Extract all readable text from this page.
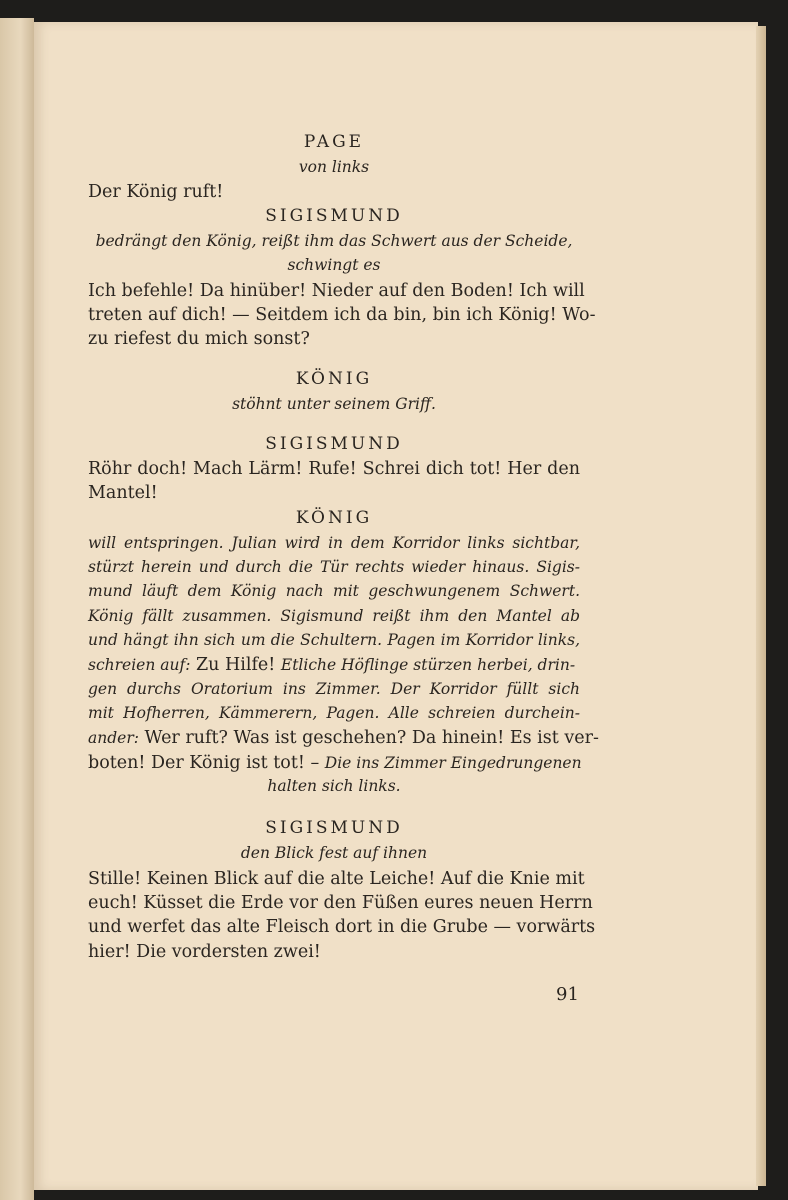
PAGE
von links
Der König ruft!
SIGISMUND
bedrängt den König, reißt ihm das Schwert aus der Scheide,
schwingt es
Ich befehle! Da hinüber! Nieder auf den Boden! Ich will
treten auf dich! — Seitdem ich da bin, bin ich König! Wo-
zu riefest du mich sonst?
KÖNIG
stöhnt unter seinem Griff.
SIGISMUND
Röhr doch! Mach Lärm! Rufe! Schrei dich tot! Her den
Mantel!
KÖNIG
will entspringen. Julian wird in dem Korridor links sichtbar,
stürzt herein und durch die Tür rechts wieder hinaus. Sigis-
mund läuft dem König nach mit geschwungenem Schwert.
König fällt zusammen. Sigismund reißt ihm den Mantel ab
und hängt ihn sich um die Schultern. Pagen im Korridor links,
schreien auf: Zu Hilfe! Etliche Höflinge stürzen herbei, drin-
gen durchs Oratorium ins Zimmer. Der Korridor füllt sich
mit Hofherren, Kämmerern, Pagen. Alle schreien durchein-
ander: Wer ruft? Was ist geschehen? Da hinein! Es ist ver-
boten! Der König ist tot! – Die ins Zimmer Eingedrungenen
halten sich links.
SIGISMUND
den Blick fest auf ihnen
Stille! Keinen Blick auf die alte Leiche! Auf die Knie mit
euch! Küsset die Erde vor den Füßen eures neuen Herrn
und werfet das alte Fleisch dort in die Grube — vorwärts
hier! Die vordersten zwei!
91
